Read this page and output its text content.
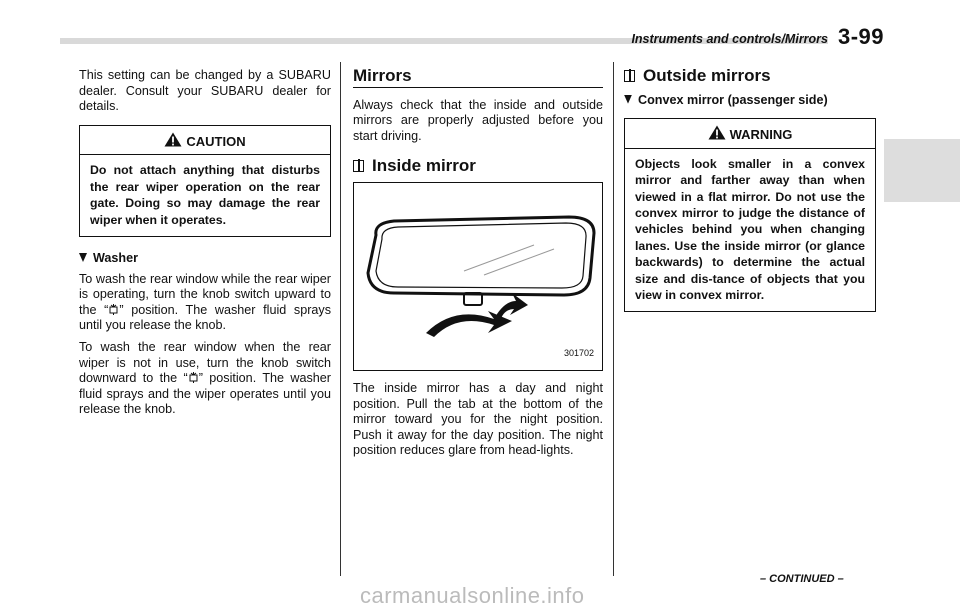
Instruments and controls/Mirrors 3-99

This setting can be changed by a SUBARU dealer. Consult your SUBARU dealer for details.

CAUTION
Do not attach anything that disturbs the rear wiper operation on the rear gate. Doing so may damage the rear wiper when it operates.
Washer

To wash the rear window while the rear wiper is operating, turn the knob switch upward to the “ ” position. The washer fluid sprays until you release the knob.

To wash the rear window when the rear wiper is not in use, turn the knob switch downward to the “ ” position. The washer fluid sprays and the wiper operates until you release the knob.

Mirrors

Always check that the inside and outside mirrors are properly adjusted before you start driving.

Inside mirror
301702

The inside mirror has a day and night position. Pull the tab at the bottom of the mirror toward you for the night position. Push it away for the day position. The night position reduces glare from head-lights.

Outside mirrors
Convex mirror (passenger side)
WARNING
Objects look smaller in a convex mirror and farther away than when viewed in a flat mirror. Do not use the convex mirror to judge the distance of vehicles behind you when changing lanes. Use the inside mirror (or glance backwards) to determine the actual size and dis-tance of objects that you view in convex mirror.
– CONTINUED –
carmanualsonline.info
